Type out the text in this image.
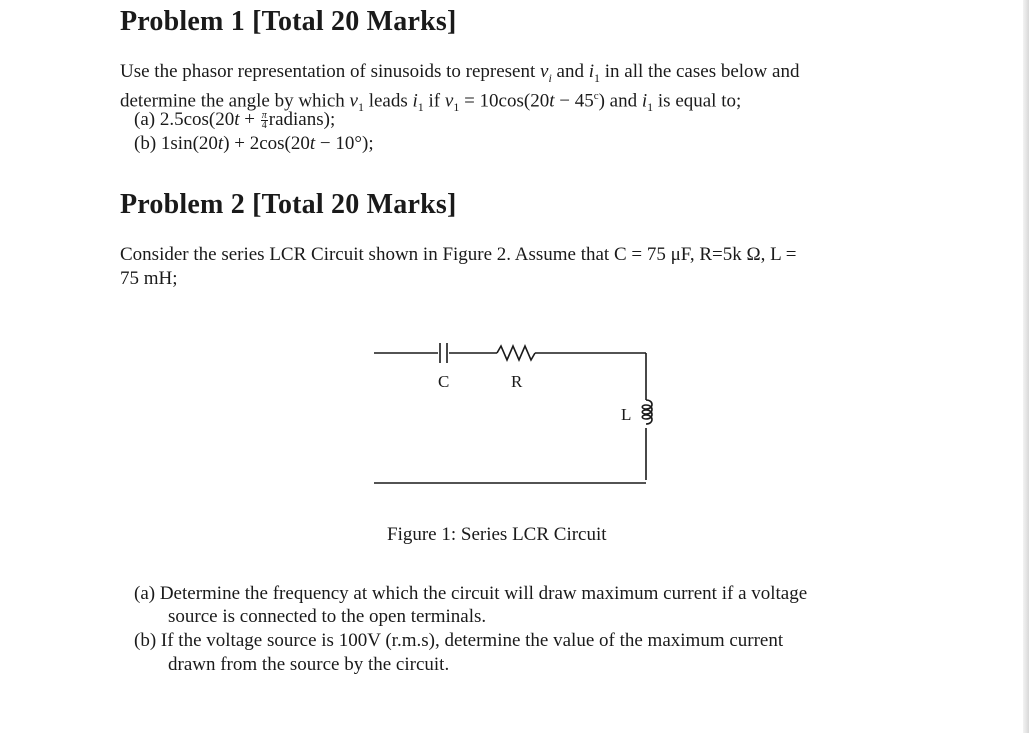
Problem 1 [Total 20 Marks]
Use the phasor representation of sinusoids to represent $v_i$ and $i_1$ in all the cases below and
determine the angle by which $v_1$ leads $i_1$ if $v_1 = 10\cos(20t - 45^c)$ and $i_1$ is equal to;
(a) $2.5\cos(20t + \frac{\pi}{4}$ radians);
(b) 1sin(20t) + 2cos(20t − 10°);
Problem 2 [Total 20 Marks]
Consider the series LCR Circuit shown in Figure 2. Assume that C = 75 μF, R=5k Ω, L =
75 mH;
C	R
L
Figure 1: Series LCR Circuit
(a) Determine the frequency at which the circuit will draw maximum current if a voltage
source is connected to the open terminals.
(b) If the voltage source is 100V (r.m.s), determine the value of the maximum current
drawn from the source by the circuit.
